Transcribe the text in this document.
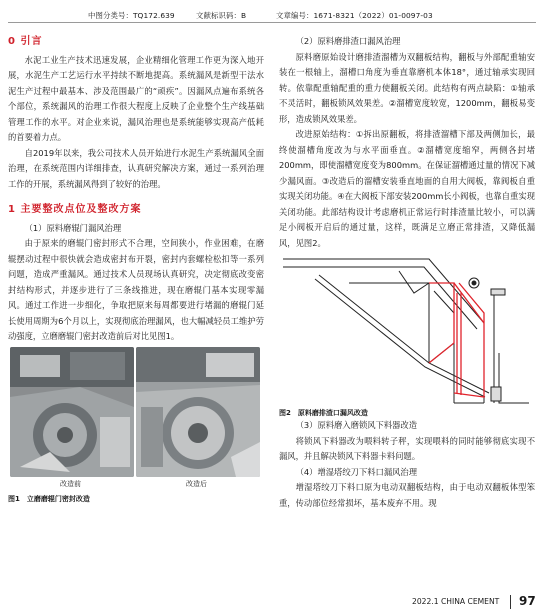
中图分类号：TQ172.639	文献标识码：B	文章编号：1671-8321（2022）01-0097-03
0 引言

水泥工业生产技术迅速发展，企业精细化管理工作更为深入地开展，水泥生产工艺运行水平持续不断地提高。系统漏风是新型干法水泥生产过程中最基本、涉及范围最广的“顽疾”。因漏风点遍布系统各个部位，系统漏风的治理工作很大程度上反映了企业整个生产线基础管理工作的水平。对企业来说，漏风治理也是系统能够实现高产低耗的首要着力点。

自2019年以来，我公司技术人员开始进行水泥生产系统漏风全面治理，在系统范围内详细排查，认真研究解决方案，通过一系列治理工作的开展，系统漏风得到了较好的治理。

1 主要整改点位及整改方案

（1）原料磨辊门漏风治理

由于原来的磨辊门密封形式不合理，空间狭小，作业困难，在磨辊摆动过程中很快就会造成密封布开裂，密封内套螺栓松扣等一系列问题，造成严重漏风。通过技术人员现场认真研究，决定彻底改变密封结构形式，并逐步进行了三条线推进，现在磨辊门基本实现零漏风。通过工作进一步细化，争取把原来每周都要进行堵漏的磨辊门延长使用周期为6个月以上，实现彻底治理漏风，也大幅减轻员工维护劳动强度，立磨磨辊门密封改造前后对比见图1。

改造前	改造后

图1　立磨磨辊门密封改造

（2）原料磨排渣口漏风治理

原料磨原始设计磨排渣溜槽为双翻板结构，翻板与外部配重轴安装在一根轴上，溜槽口角度为垂直靠磨机本体18°，通过轴承实现回转。依靠配重轴配重的重力使翻板关闭。此结构有两点缺陷：①轴承不灵活时，翻板锁风效果差。②溜槽宽度较宽，1200mm，翻板易变形，造成锁风效果差。

改进原始结构：①拆出原翻板，将排渣溜槽下部及两侧加长，最终使溜槽角度改为与水平面垂直。②溜槽宽度缩窄，两侧各封堵200mm，即使溜槽宽度变为800mm。在保证溜槽通过量的情况下减少漏风面。③改造后的溜槽安装垂直地面的自用大阀板，靠阀板自重实现关闭功能。④在大阀板下部安装200mm长小阀板，也靠自重实现关闭功能。此部结构设计考虑磨机正常运行时排渣量比较小，可以满足小阀板开启后的通过量，这样，既满足立磨正常排渣，又降低漏风，见图2。

图2　原料磨排渣口漏风改造

（3）原料磨入磨锁风下料器改造

将锁风下料器改为喂料转子秤，实现喂料的同时能够彻底实现不漏风，并且解决锁风下料器卡料问题。

（4）增湿塔绞刀下料口漏风治理

增湿塔绞刀下料口原为电动双翻板结构，由于电动双翻板体型笨重，传动部位经常损坏，基本废弃不用。现

2022.1 CHINA CEMENT 97
